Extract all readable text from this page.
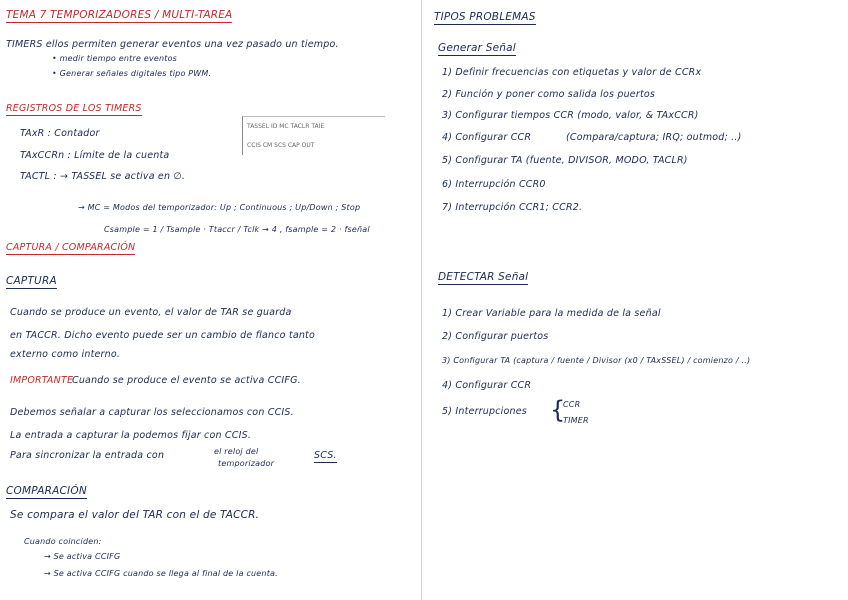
TEMA 7 TEMPORIZADORES / MULTI-TAREA
TIMERS ellos permiten generar eventos una vez pasado un tiempo.
• medir tiempo entre eventos
• Generar señales digitales tipo PWM.
REGISTROS DE LOS TIMERS
TAxR : Contador
TAxCCRn : Límite de la cuenta
TACTL : → TASSEL se activa en ∅.
TASSEL ID MC TACLR TAIE
CCIS CM SCS CAP OUT
→ MC = Modos del temporizador: Up ; Continuous ; Up/Down ; Stop
Csample = 1 / Tsample · Ttaccr / Tclk → 4 , fsample = 2 · fseñal
CAPTURA / COMPARACIÓN
CAPTURA
Cuando se produce un evento, el valor de TAR se guarda
en TACCR. Dicho evento puede ser un cambio de flanco tanto
externo como interno.
IMPORTANTE
Cuando se produce el evento se activa CCIFG.
Debemos señalar a capturar los seleccionamos con CCIS.
La entrada a capturar la podemos fijar con CCIS.
Para sincronizar la entrada con	el reloj del
temporizador
SCS.
COMPARACIÓN
Se compara el valor del TAR con el de TACCR.
Cuando coinciden:
→ Se activa CCIFG
→ Se activa CCIFG cuando se llega al final de la cuenta.
TIPOS PROBLEMAS
Generar Señal
1) Definir frecuencias con etiquetas y valor de CCRx
2) Función y poner como salida los puertos
3) Configurar tiempos CCR (modo, valor, & TAxCCR)
4) Configurar CCR	(Compara/captura; IRQ; outmod; ..)
5) Configurar TA (fuente, DIVISOR, MODO, TACLR)
6) Interrupción CCR0
7) Interrupción CCR1; CCR2.
DETECTAR Señal
1) Crear Variable para la medida de la señal
2) Configurar puertos
3) Configurar TA (captura / fuente / Divisor (x0 / TAxSSEL) / comienzo / ..)
4) Configurar CCR
5) Interrupciones {
CCR
TIMER
